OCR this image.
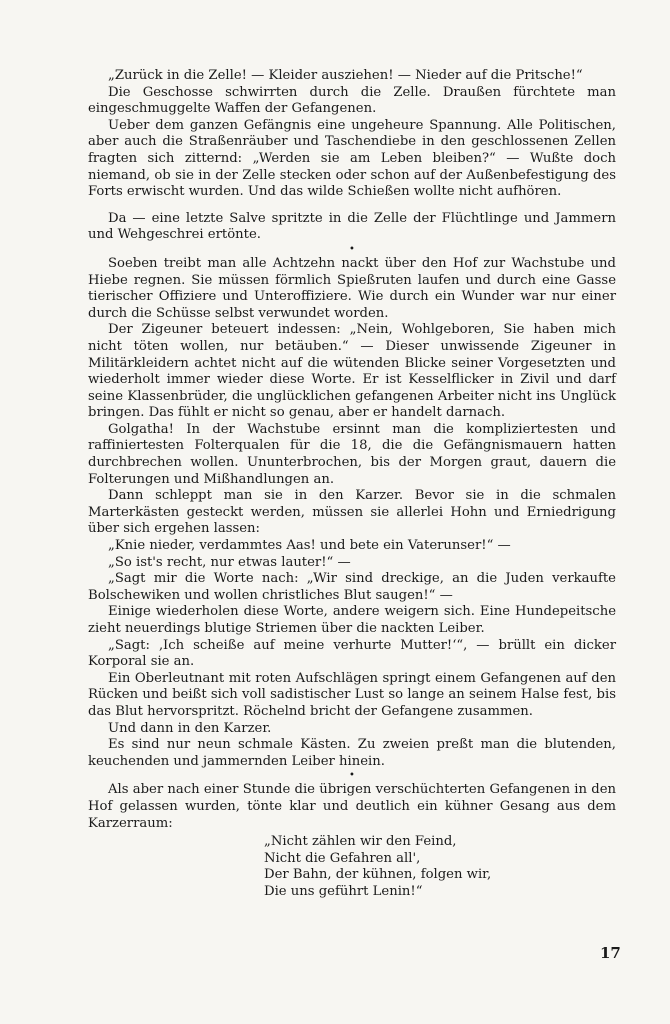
„Zurück in die Zelle! — Kleider ausziehen! — Nieder auf die Pritsche!“

Die Geschosse schwirrten durch die Zelle. Draußen fürchtete man eingeschmuggelte Waffen der Gefangenen.

Ueber dem ganzen Gefängnis eine ungeheure Spannung. Alle Politischen, aber auch die Straßenräuber und Taschendiebe in den geschlossenen Zellen fragten sich zitternd: „Werden sie am Leben bleiben?“ — Wußte doch niemand, ob sie in der Zelle stecken oder schon auf der Außenbefestigung des Forts erwischt wurden. Und das wilde Schießen wollte nicht aufhören.

Da — eine letzte Salve spritzte in die Zelle der Flüchtlinge und Jammern und Wehgeschrei ertönte.

•

Soeben treibt man alle Achtzehn nackt über den Hof zur Wachstube und Hiebe regnen. Sie müssen förmlich Spießruten laufen und durch eine Gasse tierischer Offiziere und Unteroffiziere. Wie durch ein Wunder war nur einer durch die Schüsse selbst verwundet worden.

Der Zigeuner beteuert indessen: „Nein, Wohlgeboren, Sie haben mich nicht töten wollen, nur betäuben.“ — Dieser unwissende Zigeuner in Militärkleidern achtet nicht auf die wütenden Blicke seiner Vorgesetzten und wiederholt immer wieder diese Worte. Er ist Kesselflicker in Zivil und darf seine Klassenbrüder, die unglücklichen gefangenen Arbeiter nicht ins Unglück bringen. Das fühlt er nicht so genau, aber er handelt darnach.

Golgatha! In der Wachstube ersinnt man die kompliziertesten und raffiniertesten Folterqualen für die 18, die die Gefängnismauern hatten durchbrechen wollen. Ununterbrochen, bis der Morgen graut, dauern die Folterungen und Mißhandlungen an.

Dann schleppt man sie in den Karzer. Bevor sie in die schmalen Marterkästen gesteckt werden, müssen sie allerlei Hohn und Erniedrigung über sich ergehen lassen:

„Knie nieder, verdammtes Aas! und bete ein Vaterunser!“ —

„So ist's recht, nur etwas lauter!“ —

„Sagt mir die Worte nach: „Wir sind dreckige, an die Juden verkaufte Bolschewiken und wollen christliches Blut saugen!“ —

Einige wiederholen diese Worte, andere weigern sich. Eine Hundepeitsche zieht neuerdings blutige Striemen über die nackten Leiber.

„Sagt: ‚Ich scheiße auf meine verhurte Mutter!‘“, — brüllt ein dicker Korporal sie an.

Ein Oberleutnant mit roten Aufschlägen springt einem Gefangenen auf den Rücken und beißt sich voll sadistischer Lust so lange an seinem Halse fest, bis das Blut hervorspritzt. Röchelnd bricht der Gefangene zusammen.

Und dann in den Karzer.

Es sind nur neun schmale Kästen. Zu zweien preßt man die blutenden, keuchenden und jammernden Leiber hinein.

•

Als aber nach einer Stunde die übrigen verschüchterten Gefangenen in den Hof gelassen wurden, tönte klar und deutlich ein kühner Gesang aus dem Karzerraum:

„Nicht zählen wir den Feind,
Nicht die Gefahren all',
Der Bahn, der kühnen, folgen wir,
Die uns geführt Lenin!“
17
